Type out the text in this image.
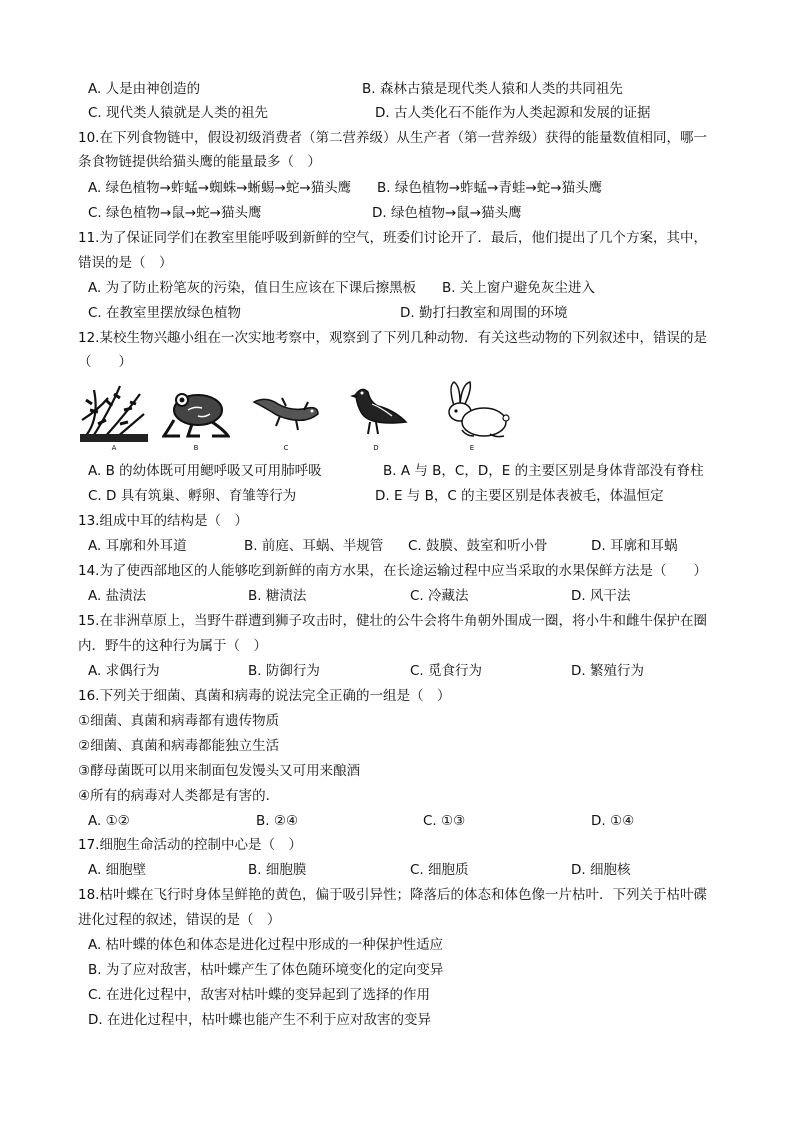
A. 人是由神创造的	B. 森林古猿是现代类人猿和人类的共同祖先
C. 现代类人猿就是人类的祖先	D. 古人类化石不能作为人类起源和发展的证据
10.在下列食物链中，假设初级消费者（第二营养级）从生产者（第一营养级）获得的能量数值相同，哪一
条食物链提供给猫头鹰的能量最多（　）
A. 绿色植物→蚱蜢→蜘蛛→蜥蜴→蛇→猫头鹰 B. 绿色植物→蚱蜢→青蛙→蛇→猫头鹰
C. 绿色植物→鼠→蛇→猫头鹰	D. 绿色植物→鼠→猫头鹰
11.为了保证同学们在教室里能呼吸到新鲜的空气，班委们讨论开了．最后，他们提出了几个方案，其中，
错误的是（　）
A. 为了防止粉笔灰的污染，值日生应该在下课后擦黑板 B. 关上窗户避免灰尘进入
C. 在教室里摆放绿色植物	D. 勤打扫教室和周围的环境
12.某校生物兴趣小组在一次实地考察中，观察到了下列几种动物．有关这些动物的下列叙述中，错误的是
（　　）
A	B	C	D	E
A. B 的幼体既可用鳃呼吸又可用肺呼吸	B. A 与 B，C，D，E 的主要区别是身体背部没有脊柱
C. D 具有筑巢、孵卵、育雏等行为	D. E 与 B，C 的主要区别是体表被毛，体温恒定
13.组成中耳的结构是（　）
A. 耳廓和外耳道	B. 前庭、耳蜗、半规管 C. 鼓膜、鼓室和听小骨	D. 耳廓和耳蜗
14.为了使西部地区的人能够吃到新鲜的南方水果，在长途运输过程中应当采取的水果保鲜方法是（　　）
A. 盐渍法	B. 糖渍法	C. 冷藏法	D. 风干法
15.在非洲草原上，当野牛群遭到狮子攻击时，健壮的公牛会将牛角朝外围成一圈，将小牛和雌牛保护在圈
内．野牛的这种行为属于（　）
A. 求偶行为	B. 防御行为	C. 觅食行为	D. 繁殖行为
16.下列关于细菌、真菌和病毒的说法完全正确的一组是（　）
①细菌、真菌和病毒都有遗传物质
②细菌、真菌和病毒都能独立生活
③酵母菌既可以用来制面包发馒头又可用来酿酒
④所有的病毒对人类都是有害的．
A. ①②	B. ②④	C. ①③	D. ①④
17.细胞生命活动的控制中心是（　）
A. 细胞壁	B. 细胞膜	C. 细胞质	D. 细胞核
18.枯叶蝶在飞行时身体呈鲜艳的黄色，偏于吸引异性；降落后的体态和体色像一片枯叶．下列关于枯叶碟
进化过程的叙述，错误的是（　）
A. 枯叶蝶的体色和体态是进化过程中形成的一种保护性适应
B. 为了应对敌害，枯叶蝶产生了体色随环境变化的定向变异
C. 在进化过程中，敌害对枯叶蝶的变异起到了选择的作用
D. 在进化过程中，枯叶蝶也能产生不利于应对敌害的变异
